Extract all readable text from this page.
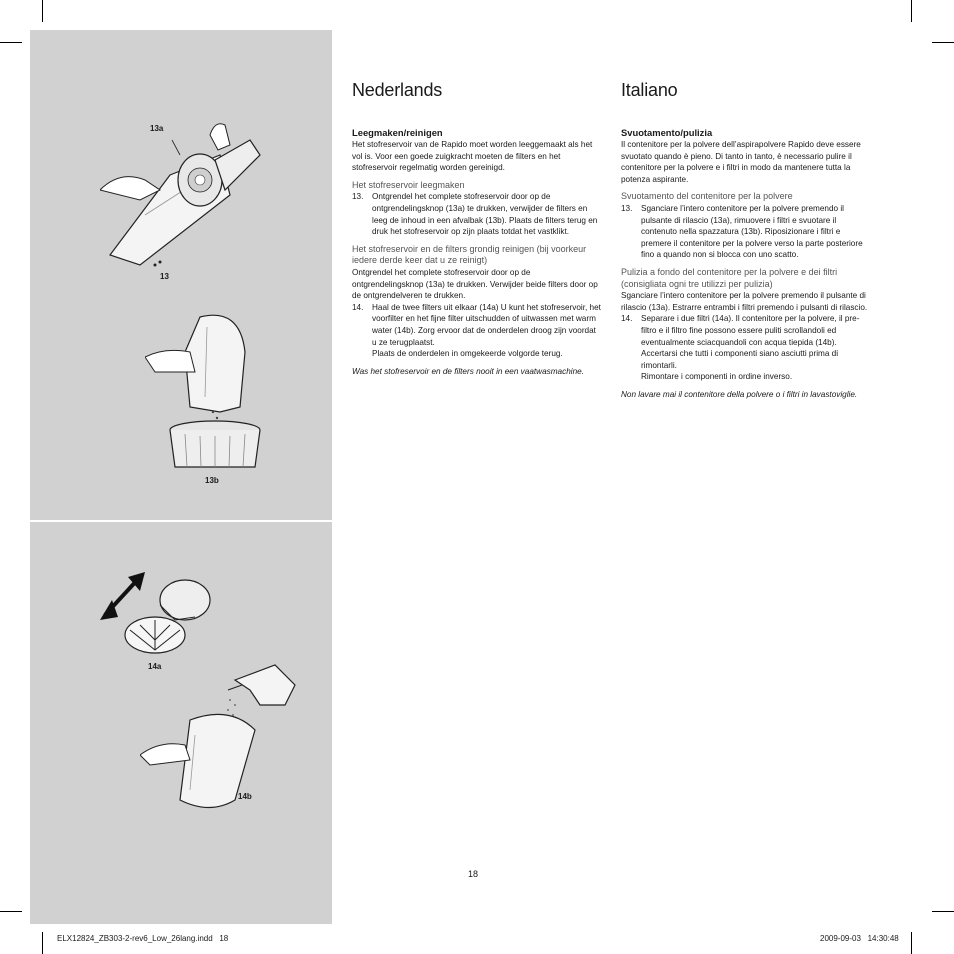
13a
13
13b
14a
14b
Nederlands
Leegmaken/reinigen

Het stofreservoir van de Rapido moet worden leeggemaakt als het vol is. Voor een goede zuigkracht moeten de filters en het stofreservoir regelmatig worden gereinigd.

Het stofreservoir leegmaken
13.	Ontgrendel het complete stofreservoir door op de ontgrendelingsknop (13a) te drukken, verwijder de filters en leeg de inhoud in een afvalbak (13b). Plaats de filters terug en druk het stofreservoir op zijn plaats totdat het vastklikt.
Het stofreservoir en de filters grondig reinigen (bij voorkeur iedere derde keer dat u ze reinigt)

Ontgrendel het complete stofreservoir door op de ontgrendelingsknop (13a) te drukken. Verwijder beide filters door op de ontgrendelveren te drukken.

14.	Haal de twee filters uit elkaar (14a) U kunt het stofreservoir, het voorfilter en het fijne filter uitschudden of uitwassen met warm water (14b). Zorg ervoor dat de onderdelen droog zijn voordat u ze terugplaatst.
Plaats de onderdelen in omgekeerde volgorde terug.

Was het stofreservoir en de filters nooit in een vaatwasmachine.

Italiano
Svuotamento/pulizia

Il contenitore per la polvere dell’aspirapolvere Rapido deve essere svuotato quando è pieno. Di tanto in tanto, è necessario pulire il contenitore per la polvere e i filtri in modo da mantenere tutta la potenza aspirante.

Svuotamento del contenitore per la polvere
13.	Sganciare l’intero contenitore per la polvere premendo il pulsante di rilascio (13a), rimuovere i filtri e svuotare il contenuto nella spazzatura (13b). Riposizionare i filtri e premere il contenitore per la polvere verso la parte posteriore fino a quando non si blocca con uno scatto.
Pulizia a fondo del contenitore per la polvere e dei filtri (consigliata ogni tre utilizzi per pulizia)

Sganciare l’intero contenitore per la polvere premendo il pulsante di rilascio (13a). Estrarre entrambi i filtri premendo i pulsanti di rilascio.

14.	Separare i due filtri (14a). Il contenitore per la polvere, il pre-filtro e il filtro fine possono essere puliti scrollandoli ed eventualmente sciacquandoli con acqua tiepida (14b). Accertarsi che tutti i componenti siano asciutti prima di rimontarli.
Rimontare i componenti in ordine inverso.

Non lavare mai il contenitore della polvere o i filtri in lavastoviglie.

18
ELX12824_ZB303-2-rev6_Low_26lang.indd   18	2009-09-03   14:30:48
